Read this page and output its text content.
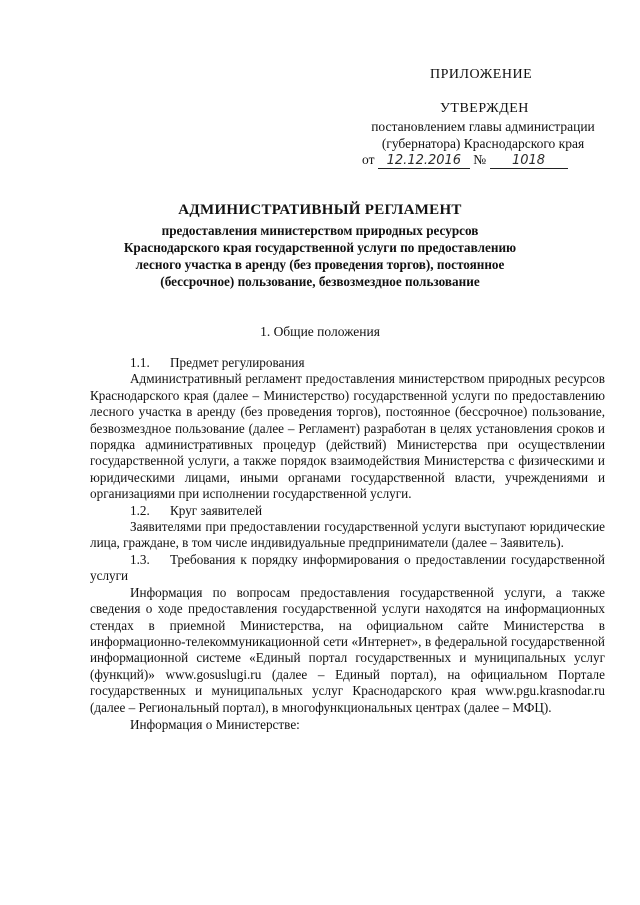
ПРИЛОЖЕНИЕ
УТВЕРЖДЕН
постановлением главы администрации
(губернатора) Краснодарского края
от 12.12.2016 № 1018
АДМИНИСТРАТИВНЫЙ РЕГЛАМЕНТ
предоставления министерством природных ресурсов
Краснодарского края государственной услуги по предоставлению
лесного участка в аренду (без проведения торгов), постоянное
(бессрочное) пользование, безвозмездное пользование
1. Общие положения

1.1. Предмет регулирования

Административный регламент предоставления министерством природных ресурсов Краснодарского края (далее – Министерство) государственной услуги по предоставлению лесного участка в аренду (без проведения торгов), постоянное (бессрочное) пользование, безвозмездное пользование (далее – Регламент) разработан в целях установления сроков и порядка административных процедур (действий) Министерства при осуществлении государственной услуги, а также порядок взаимодействия Министерства с физическими и юридическими лицами, иными органами государственной власти, учреждениями и организациями при исполнении государственной услуги.

1.2. Круг заявителей

Заявителями при предоставлении государственной услуги выступают юридические лица, граждане, в том числе индивидуальные предприниматели (далее – Заявитель).

1.3. Требования к порядку информирования о предоставлении государственной услуги

Информация по вопросам предоставления государственной услуги, а также сведения о ходе предоставления государственной услуги находятся на информационных стендах в приемной Министерства, на официальном сайте Министерства в информационно-телекоммуникационной сети «Интернет», в федеральной государственной информационной системе «Единый портал государственных и муниципальных услуг (функций)» www.gosuslugi.ru (далее – Единый портал), на официальном Портале государственных и муниципальных услуг Краснодарского края www.pgu.krasnodar.ru (далее – Региональный портал), в многофункциональных центрах (далее – МФЦ).

Информация о Министерстве:
